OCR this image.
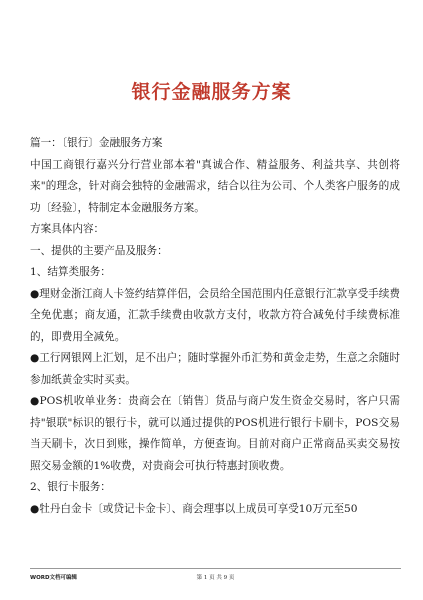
银行金融服务方案

篇一：〔银行〕金融服务方案

中国工商银行嘉兴分行营业部本着"真诚合作、精益服务、利益共享、共创将来"的理念，针对商会独特的金融需求，结合以往为公司、个人类客户服务的成功〔经验〕，特制定本金融服务方案。

方案具体内容：

一、提供的主要产品及服务：

1、结算类服务：

●理财金浙江商人卡签约结算伴侣，会员给全国范围内任意银行汇款享受手续费全免优惠；商友通，汇款手续费由收款方支付，收款方符合减免付手续费标准的，即费用全减免。

●工行网银网上汇划，足不出户；随时掌握外币汇势和黄金走势，生意之余随时参加纸黄金实时买卖。

●POS机收单业务：贵商会在〔销售〕货品与商户发生资金交易时，客户只需持"银联"标识的银行卡，就可以通过提供的POS机进行银行卡刷卡，POS交易当天刷卡，次日到账，操作简单，方便查询。目前对商户正常商品买卖交易按照交易金额的1%收费，对贵商会可执行特惠封顶收费。

2、银行卡服务：

●牡丹白金卡〔或贷记卡金卡〕、商会理事以上成员可享受10万元至50

WORD文档可编辑	第 1 页 共 9 页
